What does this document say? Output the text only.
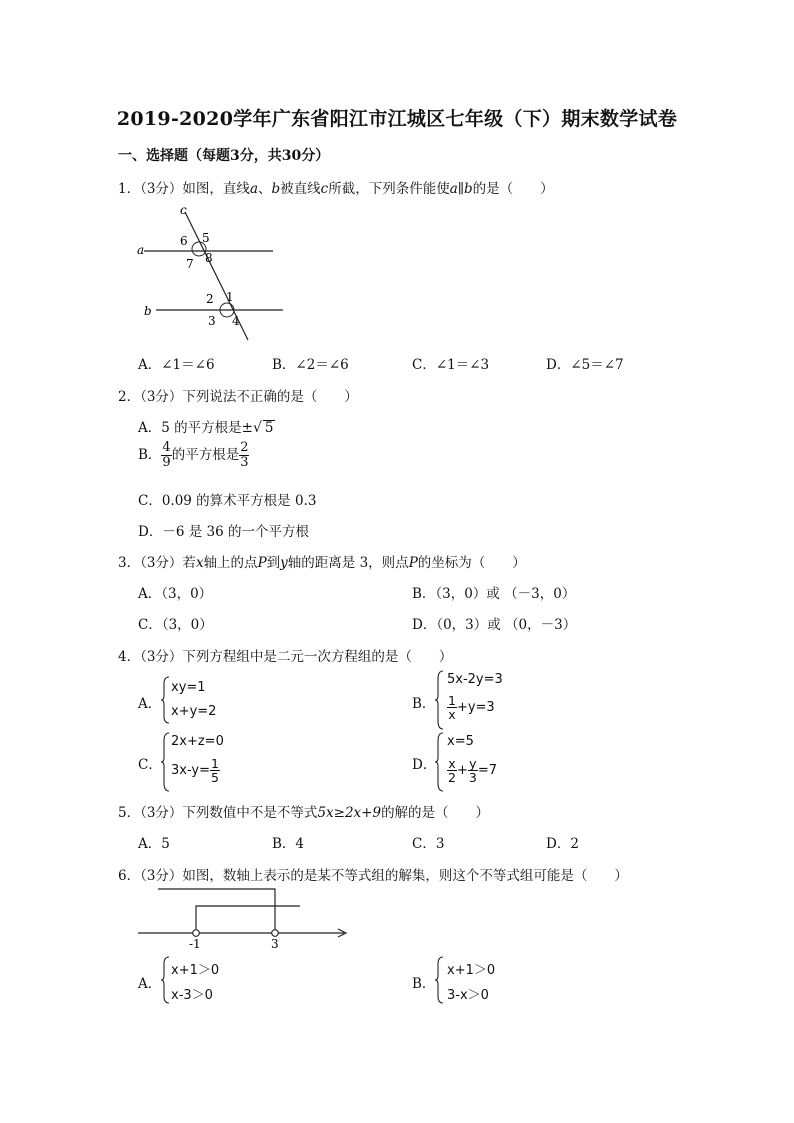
2019-2020学年广东省阳江市江城区七年级（下）期末数学试卷
一、选择题（每题3分，共30分）
1．（3分）如图，直线a、b被直线c所截，下列条件能使a∥b的是（　　）
c
a
b
6 5
7 8
2 1
3 4
A．∠1＝∠6	B．∠2＝∠6	C．∠1＝∠3	D．∠5＝∠7
2．（3分）下列说法不正确的是（　　）
A．5 的平方根是±√ 5
B． $\frac{4}{9}$ 的平方根是 $\frac{2}{3}$
C．0.09 的算术平方根是 0.3
D．－6 是 36 的一个平方根
3．（3分）若x轴上的点P到y轴的距离是 3，则点P的坐标为（　　）
A．（3，0）	B．（3，0）或 （－3，0）
C．（3，0）	D．（0，3）或 （0，－3）
4．（3分）下列方程组中是二元一次方程组的是（　　）
A．
xy=1
x+y=2	B．
5x-2y=3
$\frac{1}{x} +y=3$
C．
2x+z=0
$3x-y= \frac{1}{5}$	D．
x=5
$\frac{x}{2} + \frac{y}{3} =7$
5．（3分）下列数值中不是不等式5x≥2x+9的解的是（　　）
A．5	B．4	C．3	D．2
6．（3分）如图，数轴上表示的是某不等式组的解集，则这个不等式组可能是（　　）
-1	3
A．
x+1＞0
x-3＞0
B．
x+1＞0
3-x＞0
